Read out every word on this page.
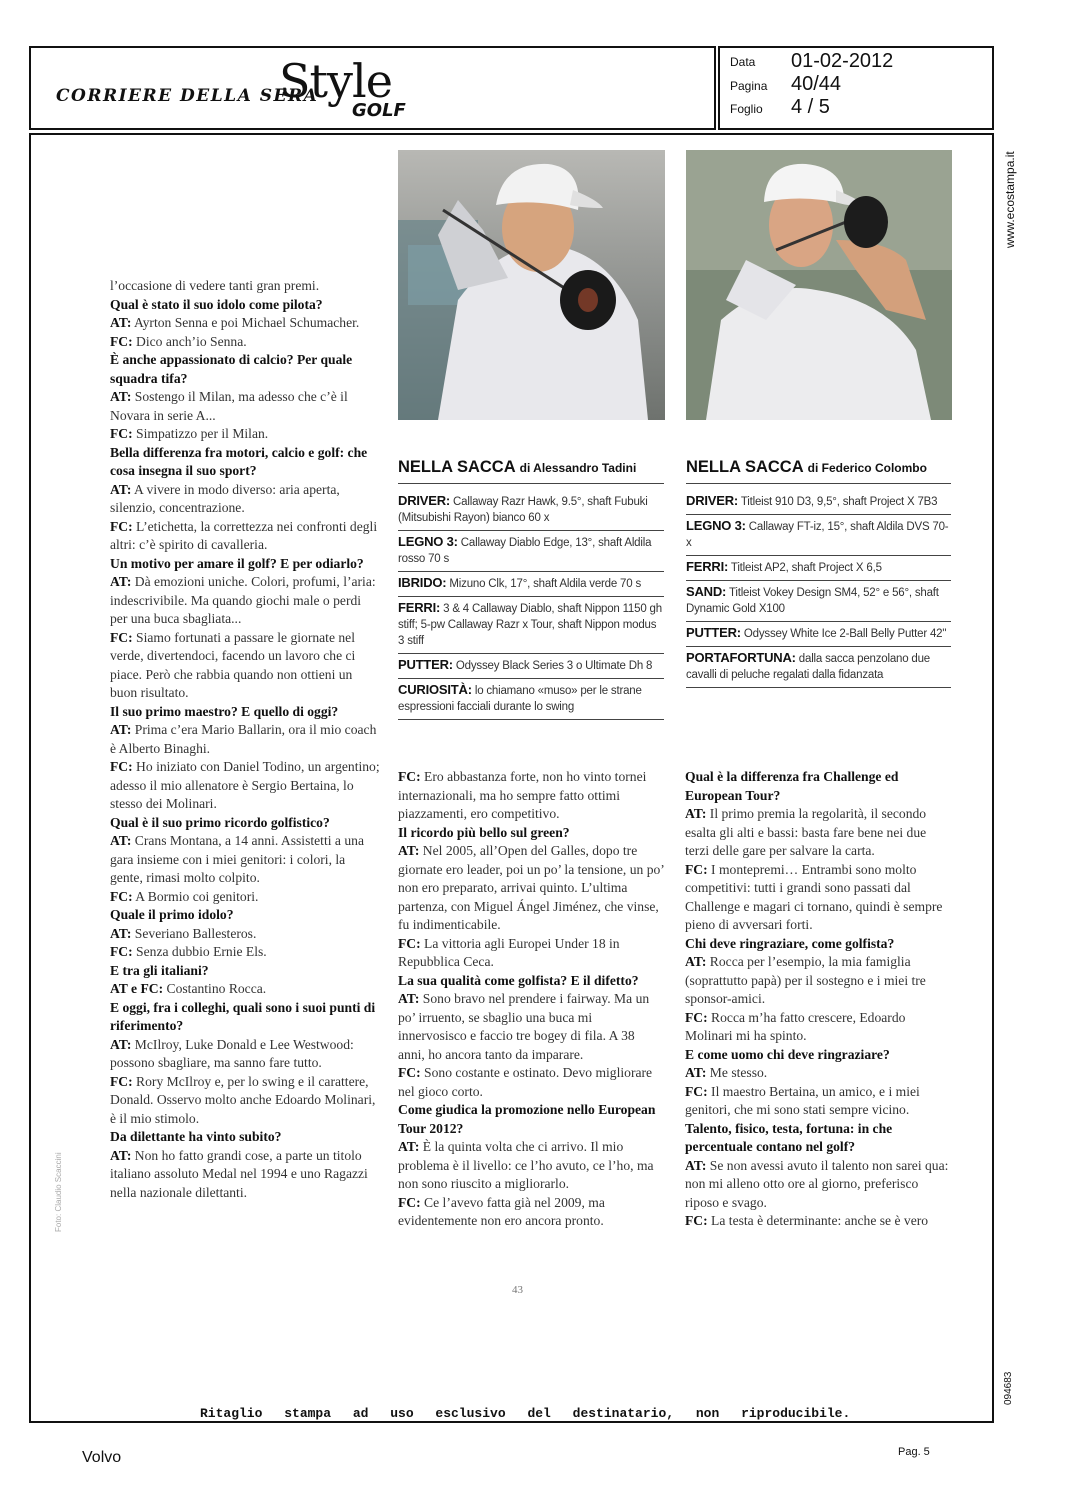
CORRIERE DELLA SERA
Style
GOLF
Data 01-02-2012
Pagina 40/44
Foglio 4 / 5
www.ecostampa.it
094683
Foto: Claudio Scaccini
NELLA SACCA di Alessandro Tadini
DRIVER: Callaway Razr Hawk, 9.5°, shaft Fubuki (Mitsubishi Rayon) bianco 60 x
LEGNO 3: Callaway Diablo Edge, 13°, shaft Aldila rosso 70 s
IBRIDO: Mizuno Clk, 17°, shaft Aldila verde 70 s
FERRI: 3 & 4 Callaway Diablo, shaft Nippon 1150 gh stiff; 5-pw Callaway Razr x Tour, shaft Nippon modus 3 stiff
PUTTER: Odyssey Black Series 3 o Ultimate Dh 8
CURIOSITÀ: lo chiamano «muso» per le strane espressioni facciali durante lo swing
NELLA SACCA di Federico Colombo
DRIVER: Titleist 910 D3, 9,5°, shaft Project X 7B3
LEGNO 3: Callaway FT-iz, 15°, shaft Aldila DVS 70-x
FERRI: Titleist AP2, shaft Project X 6,5
SAND: Titleist Vokey Design SM4, 52° e 56°, shaft Dynamic Gold X100
PUTTER: Odyssey White Ice 2-Ball Belly Putter 42"
PORTAFORTUNA: dalla sacca penzolano due cavalli di peluche regalati dalla fidanzata

l’occasione di vedere tanti gran premi.

Qual è stato il suo idolo come pilota?

AT: Ayrton Senna e poi Michael Schumacher.

FC: Dico anch’io Senna.

È anche appassionato di calcio? Per quale squadra tifa?

AT: Sostengo il Milan, ma adesso che c’è il Novara in serie A...

FC: Simpatizzo per il Milan.

Bella differenza fra motori, calcio e golf: che cosa insegna il suo sport?

AT: A vivere in modo diverso: aria aperta, silenzio, concentrazione.

FC: L’etichetta, la correttezza nei confronti degli altri: c’è spirito di cavalleria.

Un motivo per amare il golf? E per odiarlo?

AT: Dà emozioni uniche. Colori, profumi, l’aria: indescrivibile. Ma quando giochi male o perdi per una buca sbagliata...

FC: Siamo fortunati a passare le giornate nel verde, divertendoci, facendo un lavoro che ci piace. Però che rabbia quando non ottieni un buon risultato.

Il suo primo maestro? E quello di oggi?

AT: Prima c’era Mario Ballarin, ora il mio coach è Alberto Binaghi.

FC: Ho iniziato con Daniel Todino, un argentino; adesso il mio allenatore è Sergio Bertaina, lo stesso dei Molinari.

Qual è il suo primo ricordo golfistico?

AT: Crans Montana, a 14 anni. Assistetti a una gara insieme con i miei genitori: i colori, la gente, rimasi molto colpito.

FC: A Bormio coi genitori.

Quale il primo idolo?

AT: Severiano Ballesteros.

FC: Senza dubbio Ernie Els.

E tra gli italiani?

AT e FC: Costantino Rocca.

E oggi, fra i colleghi, quali sono i suoi punti di riferimento?

AT: McIlroy, Luke Donald e Lee Westwood: possono sbagliare, ma sanno fare tutto.

FC: Rory McIlroy e, per lo swing e il carattere, Donald. Osservo molto anche Edoardo Molinari, è il mio stimolo.

Da dilettante ha vinto subito?

AT: Non ho fatto grandi cose, a parte un titolo italiano assoluto Medal nel 1994 e uno Ragazzi nella nazionale dilettanti.

FC: Ero abbastanza forte, non ho vinto tornei internazionali, ma ho sempre fatto ottimi piazzamenti, ero competitivo.

Il ricordo più bello sul green?

AT: Nel 2005, all’Open del Galles, dopo tre giornate ero leader, poi un po’ la tensione, un po’ non ero preparato, arrivai quinto. L’ultima partenza, con Miguel Ángel Jiménez, che vinse, fu indimenticabile.

FC: La vittoria agli Europei Under 18 in Repubblica Ceca.

La sua qualità come golfista? E il difetto?

AT: Sono bravo nel prendere i fairway. Ma un po’ irruento, se sbaglio una buca mi innervosisco e faccio tre bogey di fila. A 38 anni, ho ancora tanto da imparare.

FC: Sono costante e ostinato. Devo migliorare nel gioco corto.

Come giudica la promozione nello European Tour 2012?

AT: È la quinta volta che ci arrivo. Il mio problema è il livello: ce l’ho avuto, ce l’ho, ma non sono riuscito a migliorarlo.

FC: Ce l’avevo fatta già nel 2009, ma evidentemente non ero ancora pronto.

Qual è la differenza fra Challenge ed European Tour?

AT: Il primo premia la regolarità, il secondo esalta gli alti e bassi: basta fare bene nei due terzi delle gare per salvare la carta.

FC: I montepremi… Entrambi sono molto competitivi: tutti i grandi sono passati dal Challenge e magari ci tornano, quindi è sempre pieno di avversari forti.

Chi deve ringraziare, come golfista?

AT: Rocca per l’esempio, la mia famiglia (soprattutto papà) per il sostegno e i miei tre sponsor-amici.

FC: Rocca m’ha fatto crescere, Edoardo Molinari mi ha spinto.

E come uomo chi deve ringraziare?

AT: Me stesso.

FC: Il maestro Bertaina, un amico, e i miei genitori, che mi sono stati sempre vicino.

Talento, fisico, testa, fortuna: in che percentuale contano nel golf?

AT: Se non avessi avuto il talento non sarei qua: non mi alleno otto ore al giorno, preferisco riposo e svago.

FC: La testa è determinante: anche se è vero

43
Ritaglio stampa ad uso esclusivo del destinatario, non riproducibile.
Volvo	Pag. 5
